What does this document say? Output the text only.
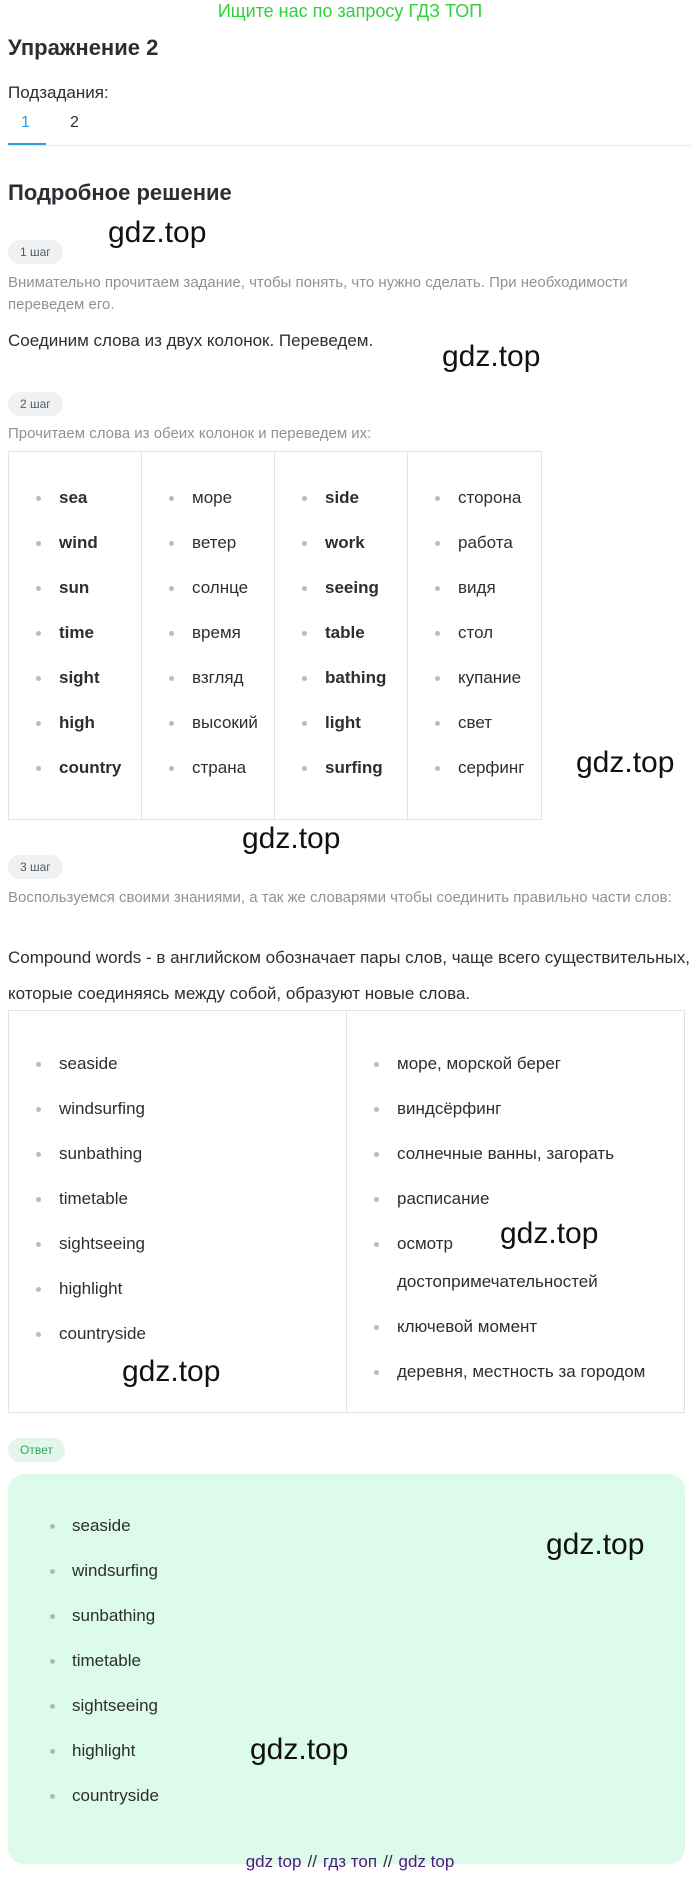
Ищите нас по запросу ГДЗ ТОП
Упражнение 2
Подзадания:
1	2
Подробное решение
1 шаг
gdz.top
Внимательно прочитаем задание, чтобы понять, что нужно сделать. При необходимости переведем его.
Соединим слова из двух колонок. Переведем. gdz.top
2 шаг
Прочитаем слова из обеих колонок и переведем их:
sea
wind
sun
time
sight
high
country
море
ветер
солнце
время
взгляд
высокий
страна
side
work
seeing
table
bathing
light
surfing
сторона
работа
видя
стол
купание
свет
серфинг	gdz.top
gdz.top
3 шаг
Воспользуемся своими знаниями, а так же словарями чтобы соединить правильно части слов:
Compound words - в английском обозначает пары слов, чаще всего существительных, которые соединяясь между собой, образуют новые слова.
seaside
windsurfing
sunbathing
timetable
sightseeing
highlight
countryside
море, морской берег
виндсёрфинг
солнечные ванны, загорать
расписание
осмотр достопримечательностей
ключевой момент
деревня, местность за городом
gdz.top
gdz.top
Ответ
seaside
windsurfing
sunbathing
timetable
sightseeing
highlight
countryside
gdz.top
gdz.top
gdz top // гдз топ // gdz top
